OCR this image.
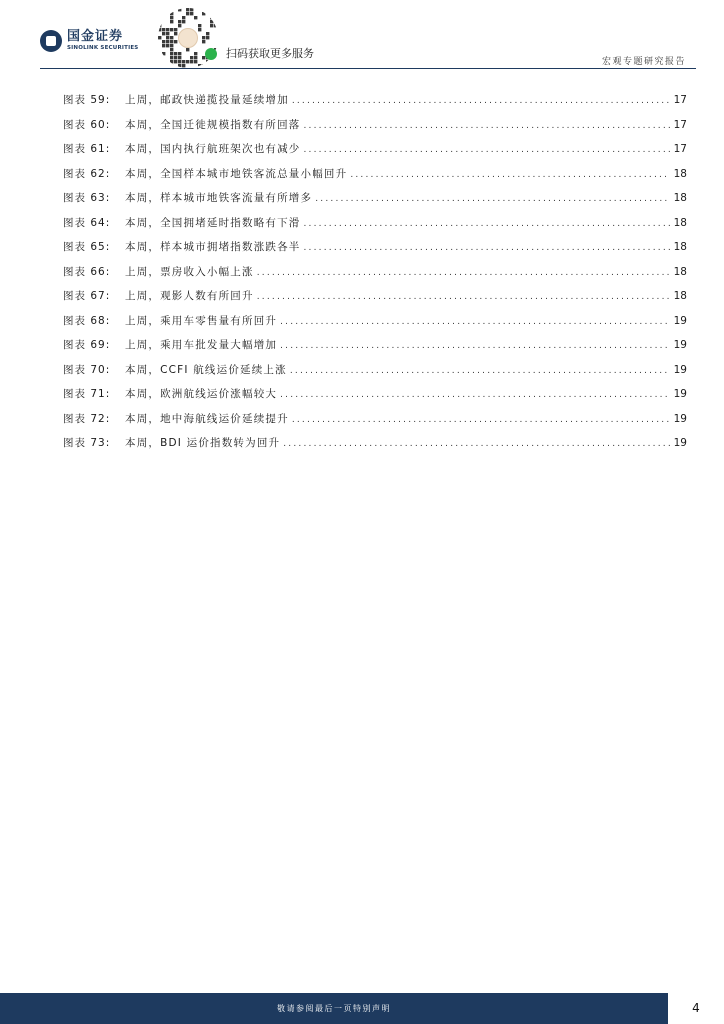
国金证券
SINOLINK SECURITIES	扫码获取更多服务
宏观专题研究报告
图表 59:	上周，邮政快递揽投量延续增加 .....	17
图表 60:	本周，全国迁徙规模指数有所回落 .....	17
图表 61:	本周，国内执行航班架次也有减少 .....	17
图表 62:	本周，全国样本城市地铁客流总量小幅回升 .....	18
图表 63:	本周，样本城市地铁客流量有所增多 .....	18
图表 64:	本周，全国拥堵延时指数略有下滑 .....	18
图表 65:	本周，样本城市拥堵指数涨跌各半 .....	18
图表 66:	上周，票房收入小幅上涨 .....	18
图表 67:	上周，观影人数有所回升 .....	18
图表 68:	上周，乘用车零售量有所回升 .....	19
图表 69:	上周，乘用车批发量大幅增加 .....	19
图表 70:	本周，CCFI 航线运价延续上涨 .....	19
图表 71:	本周，欧洲航线运价涨幅较大 .....	19
图表 72:	本周，地中海航线运价延续提升 .....	19
图表 73:	本周，BDI 运价指数转为回升 .....	19
敬请参阅最后一页特别声明	4
